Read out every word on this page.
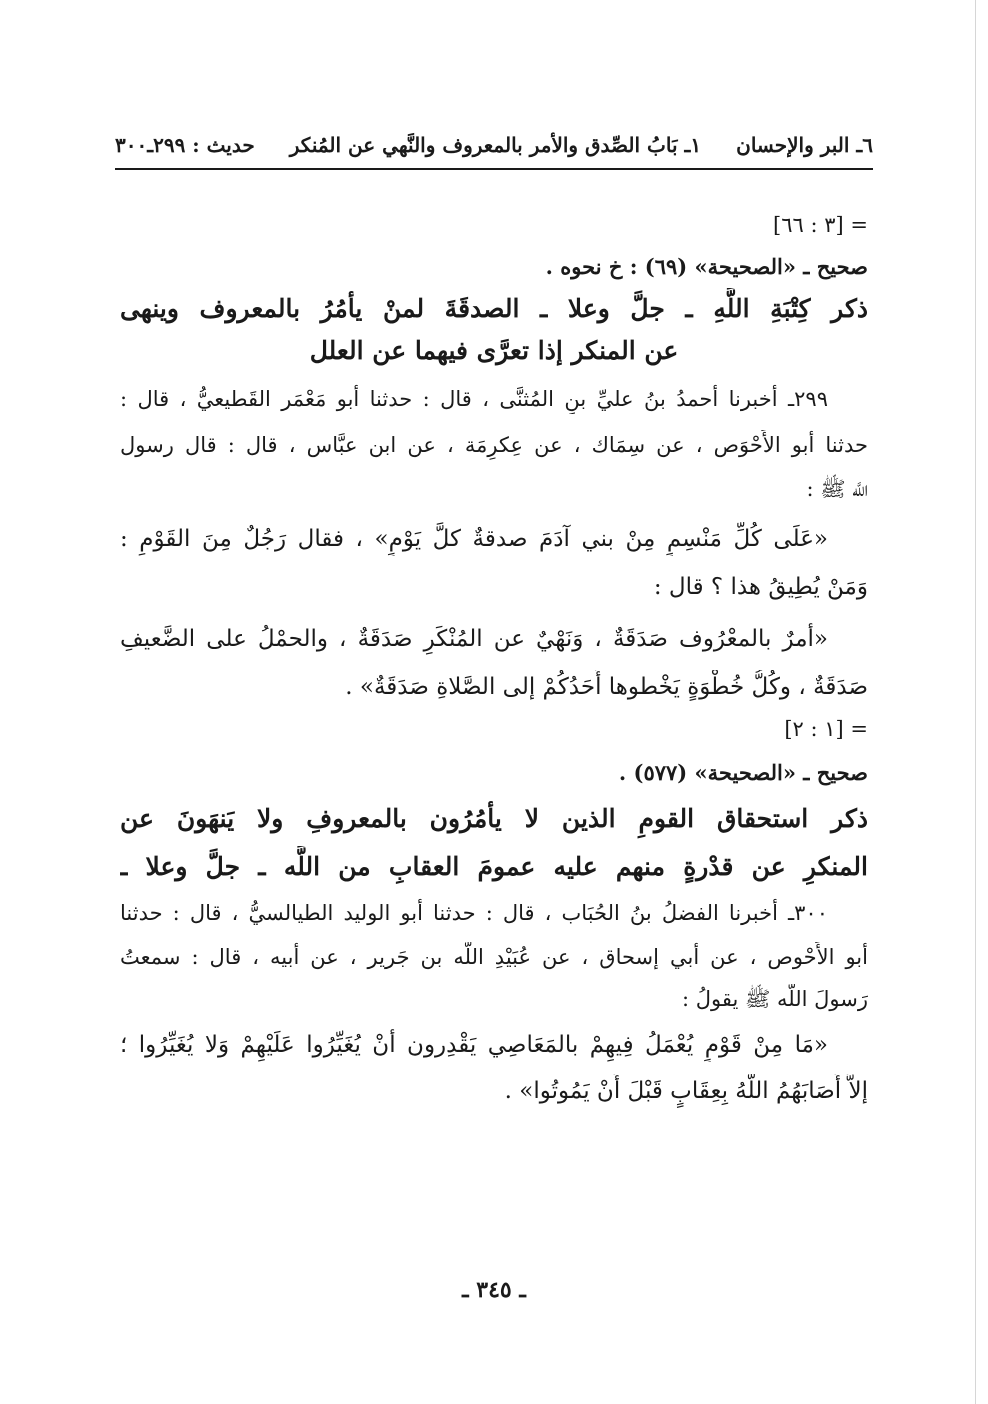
حديث : ٢٩٩ـ٣٠٠ ١ـ بَابُ الصِّدق والأمر بالمعروف والنَّهي عن المُنكر ٦ـ البر والإحسان
= [٣ : ٦٦]
صحيح ـ «الصحيحة» (٦٩) : خ نحوه .
ذكر كِتْبَةِ اللَّهِ ـ جلَّ وعلا ـ الصدقَةَ لمنْ يأمُرُ بالمعروف وينهى
عن المنكر إذا تعرَّى فيهما عن العلل
٢٩٩ـ أخبرنا أحمدُ بنُ عليِّ بنِ المُثنَّى ، قال : حدثنا أبو مَعْمَر القَطيعيُّ ، قال :
حدثنا أبو الأَحْوَص ، عن سِمَاك ، عن عِكرِمَة ، عن ابن عبَّاس ، قال : قال رسول
اللَّه ﷺ :
«عَلَى كُلِّ مَنْسِمٍ مِنْ بني آدَمَ صدقةٌ كلَّ يَوْمٍ» ، فقال رَجُلٌ مِنَ القَوْمِ :
وَمَنْ يُطِيقُ هذا ؟ قال :
«أمرٌ بالمعْرُوف صَدَقَةٌ ، وَنَهْيٌ عن المُنْكَرِ صَدَقَةٌ ، والحمْلُ على الضَّعيفِ
صَدَقَةٌ ، وكُلُّ خُطْوَةٍ يَخْطوها أَحَدُكُمْ إلى الصَّلاةِ صَدَقَةٌ» .
= [١ : ٢]
صحيح ـ «الصحيحة» (٥٧٧) .
ذكر استحقاق القومِ الذين لا يأمُرُون بالمعروفِ ولا يَنهَونَ عن
المنكرِ عن قدْرةٍ منهم عليه عمومَ العقابِ من اللَّه ـ جلَّ وعلا ـ
٣٠٠ـ أخبرنا الفضلُ بنُ الحُبَاب ، قال : حدثنا أبو الوليد الطيالسيُّ ، قال : حدثنا
أبو الأَحْوص ، عن أبي إسحاق ، عن عُبَيْدِ اللَّه بن جَرير ، عن أبيه ، قال : سمعتُ
رَسولَ اللَّه ﷺ يقولُ :
«مَا مِنْ قَوْمٍ يُعْمَلُ فِيهِمْ بالمَعَاصِي يَقْدِرون أنْ يُغَيِّرُوا عَلَيْهِمْ وَلا يُغَيِّرُوا ؛
إلاَّ أَصَابَهُمُ اللَّهُ بِعِقَابٍ قَبْلَ أَنْ يَمُوتُوا» .
ـ ٣٤٥ ـ
